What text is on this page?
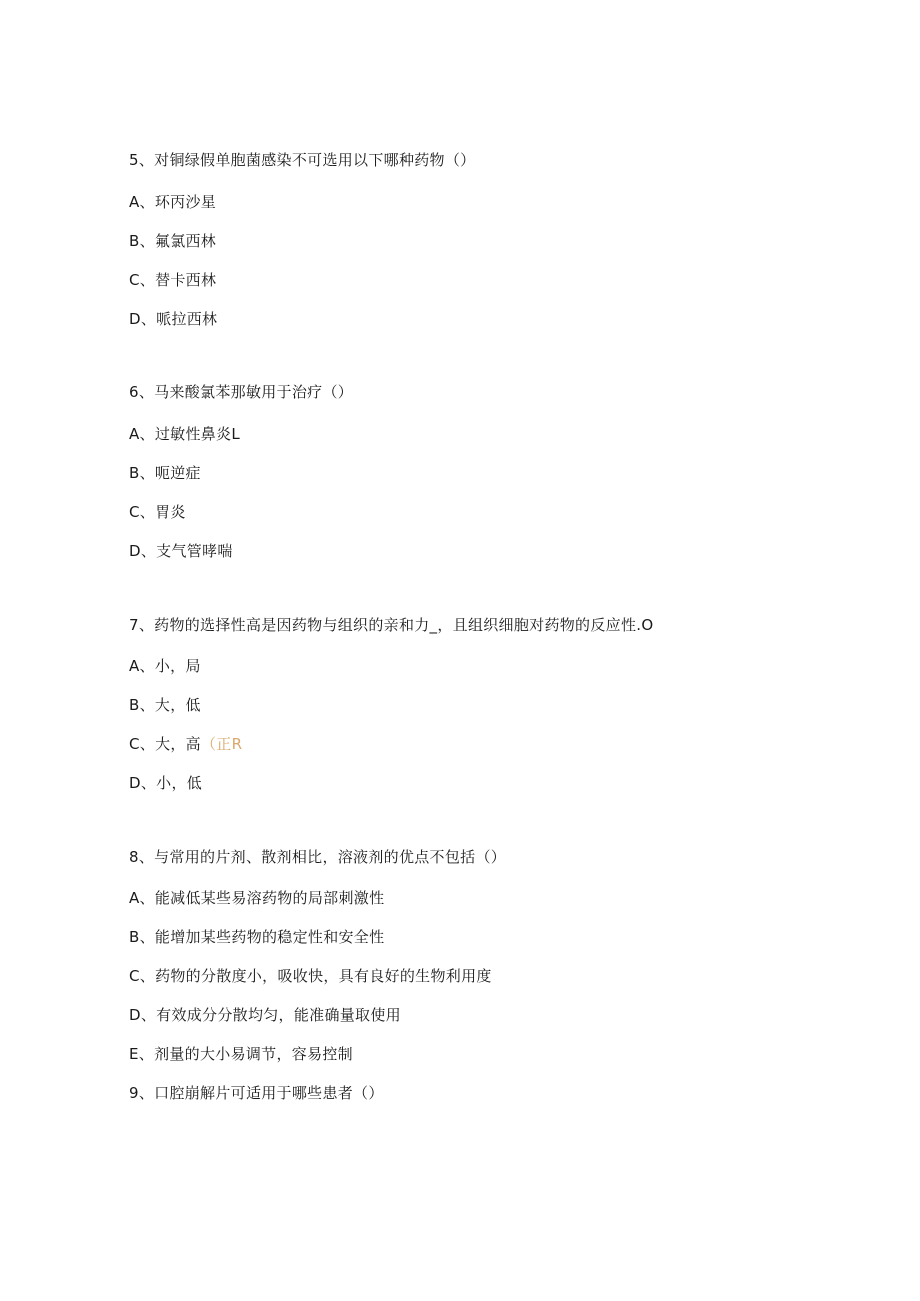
5、对铜绿假单胞菌感染不可选用以下哪种药物（）
A、环丙沙星
B、氟氯西林
C、替卡西林
D、哌拉西林
6、马来酸氯苯那敏用于治疗（）
A、过敏性鼻炎L
B、呃逆症
C、胃炎
D、支气管哮喘
7、药物的选择性高是因药物与组织的亲和力_，且组织细胞对药物的反应性.O
A、小，局
B、大，低
C、大，高（正R
D、小，低
8、与常用的片剂、散剂相比，溶液剂的优点不包括（）
A、能减低某些易溶药物的局部刺激性
B、能增加某些药物的稳定性和安全性
C、药物的分散度小，吸收快，具有良好的生物利用度
D、有效成分分散均匀，能准确量取使用
E、剂量的大小易调节，容易控制
9、口腔崩解片可适用于哪些患者（）
